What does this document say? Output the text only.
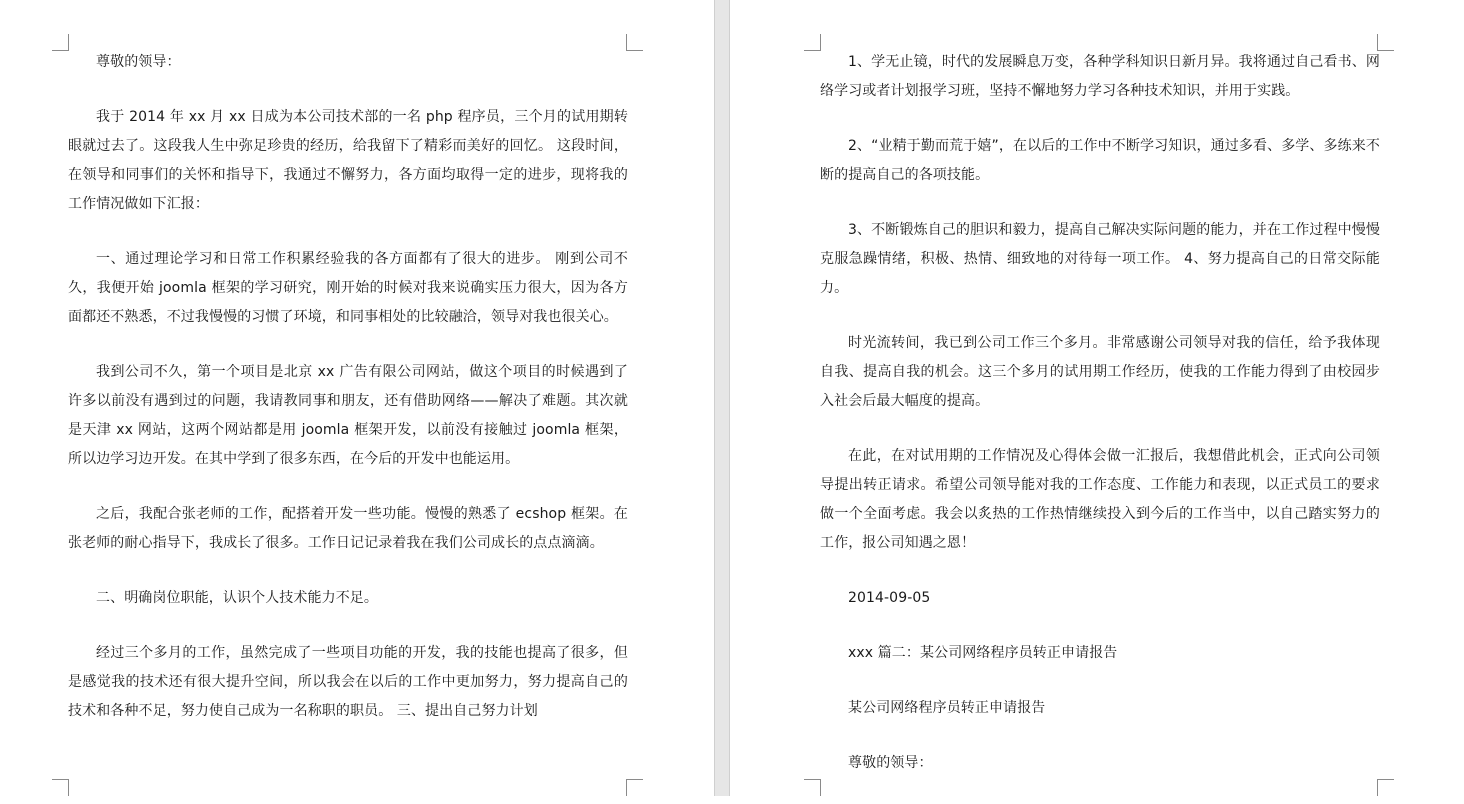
尊敬的领导：

我于 2014 年 xx 月 xx 日成为本公司技术部的一名 php 程序员，三个月的试用期转眼就过去了。这段我人生中弥足珍贵的经历，给我留下了精彩而美好的回忆。 这段时间，在领导和同事们的关怀和指导下，我通过不懈努力，各方面均取得一定的进步，现将我的工作情况做如下汇报：

一、通过理论学习和日常工作积累经验我的各方面都有了很大的进步。 刚到公司不久，我便开始 joomla 框架的学习研究，刚开始的时候对我来说确实压力很大，因为各方面都还不熟悉，不过我慢慢的习惯了环境，和同事相处的比较融洽，领导对我也很关心。

我到公司不久，第一个项目是北京 xx 广告有限公司网站，做这个项目的时候遇到了许多以前没有遇到过的问题，我请教同事和朋友，还有借助网络——解决了难题。其次就是天津 xx 网站，这两个网站都是用 joomla 框架开发，以前没有接触过 joomla 框架，所以边学习边开发。在其中学到了很多东西，在今后的开发中也能运用。

之后，我配合张老师的工作，配搭着开发一些功能。慢慢的熟悉了 ecshop 框架。在张老师的耐心指导下，我成长了很多。工作日记记录着我在我们公司成长的点点滴滴。

二、明确岗位职能，认识个人技术能力不足。

经过三个多月的工作，虽然完成了一些项目功能的开发，我的技能也提高了很多，但是感觉我的技术还有很大提升空间，所以我会在以后的工作中更加努力，努力提高自己的技术和各种不足，努力使自己成为一名称职的职员。 三、提出自己努力计划

1、学无止镜，时代的发展瞬息万变，各种学科知识日新月异。我将通过自己看书、网络学习或者计划报学习班，坚持不懈地努力学习各种技术知识，并用于实践。

2、“业精于勤而荒于嬉”，在以后的工作中不断学习知识，通过多看、多学、多练来不断的提高自己的各项技能。

3、不断锻炼自己的胆识和毅力，提高自己解决实际问题的能力，并在工作过程中慢慢克服急躁情绪，积极、热情、细致地的对待每一项工作。 4、努力提高自己的日常交际能力。

时光流转间，我已到公司工作三个多月。非常感谢公司领导对我的信任，给予我体现自我、提高自我的机会。这三个多月的试用期工作经历，使我的工作能力得到了由校园步入社会后最大幅度的提高。

在此，在对试用期的工作情况及心得体会做一汇报后，我想借此机会，正式向公司领导提出转正请求。希望公司领导能对我的工作态度、工作能力和表现，以正式员工的要求做一个全面考虑。我会以炙热的工作热情继续投入到今后的工作当中，以自己踏实努力的工作，报公司知遇之恩！

2014-09-05

xxx 篇二：某公司网络程序员转正申请报告

某公司网络程序员转正申请报告

尊敬的领导：
